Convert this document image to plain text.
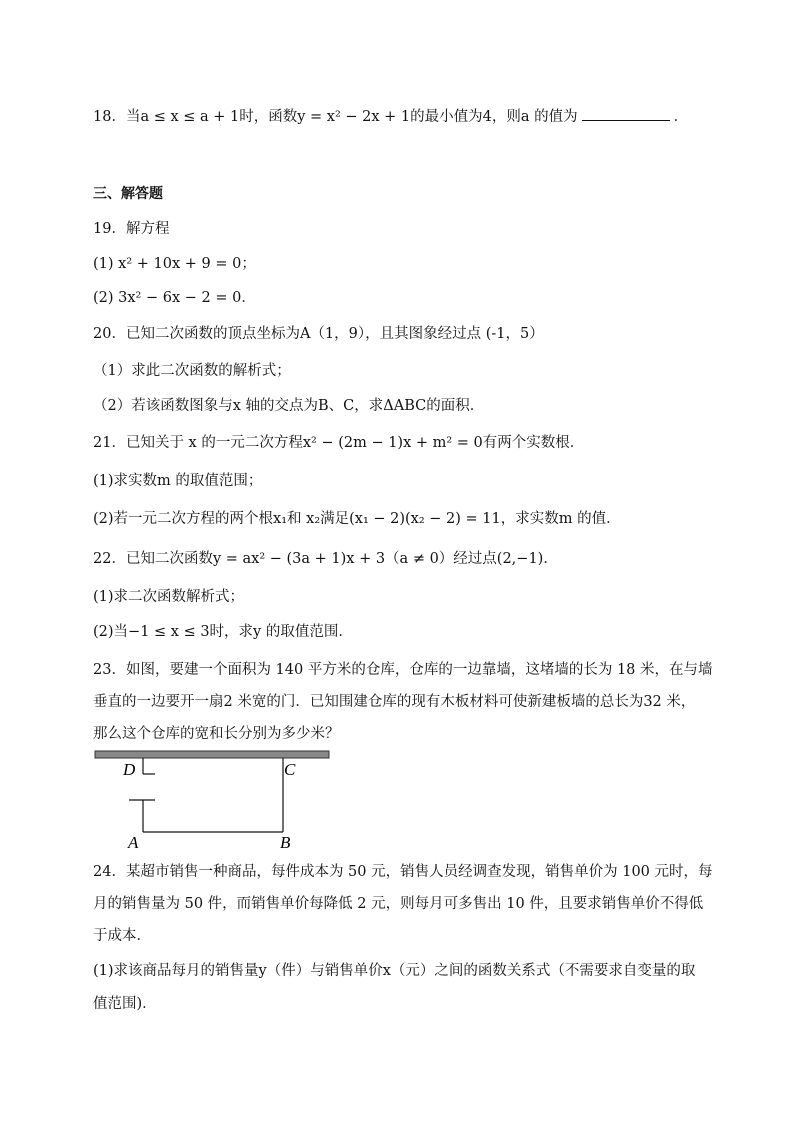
18．当a ≤ x ≤ a + 1时，函数y = x² − 2x + 1的最小值为4，则a 的值为	．
三、解答题
19．解方程
(1) x² + 10x + 9 = 0；
(2) 3x² − 6x − 2 = 0．
20．已知二次函数的顶点坐标为A（1，9），且其图象经过点 (-1，5）
（1）求此二次函数的解析式；
（2）若该函数图象与x 轴的交点为B、C，求ΔABC的面积．
21．已知关于 x 的一元二次方程x² − (2m − 1)x + m² = 0有两个实数根．
(1)求实数m 的取值范围；
(2)若一元二次方程的两个根x₁和 x₂满足(x₁ − 2)(x₂ − 2) = 11，求实数m 的值．
22．已知二次函数y = ax² − (3a + 1)x + 3（a ≠ 0）经过点(2,−1)．
(1)求二次函数解析式；
(2)当−1 ≤ x ≤ 3时，求y 的取值范围．
23．如图，要建一个面积为 140 平方米的仓库，仓库的一边靠墙，这堵墙的长为 18 米，在与墙
垂直的一边要开一扇2 米宽的门．已知围建仓库的现有木板材料可使新建板墙的总长为32 米，
那么这个仓库的宽和长分别为多少米？
D	C
A	B
24．某超市销售一种商品，每件成本为 50 元，销售人员经调查发现，销售单价为 100 元时，每
月的销售量为 50 件，而销售单价每降低 2 元，则每月可多售出 10 件，且要求销售单价不得低
于成本．
(1)求该商品每月的销售量y（件）与销售单价x（元）之间的函数关系式（不需要求自变量的取
值范围)．
